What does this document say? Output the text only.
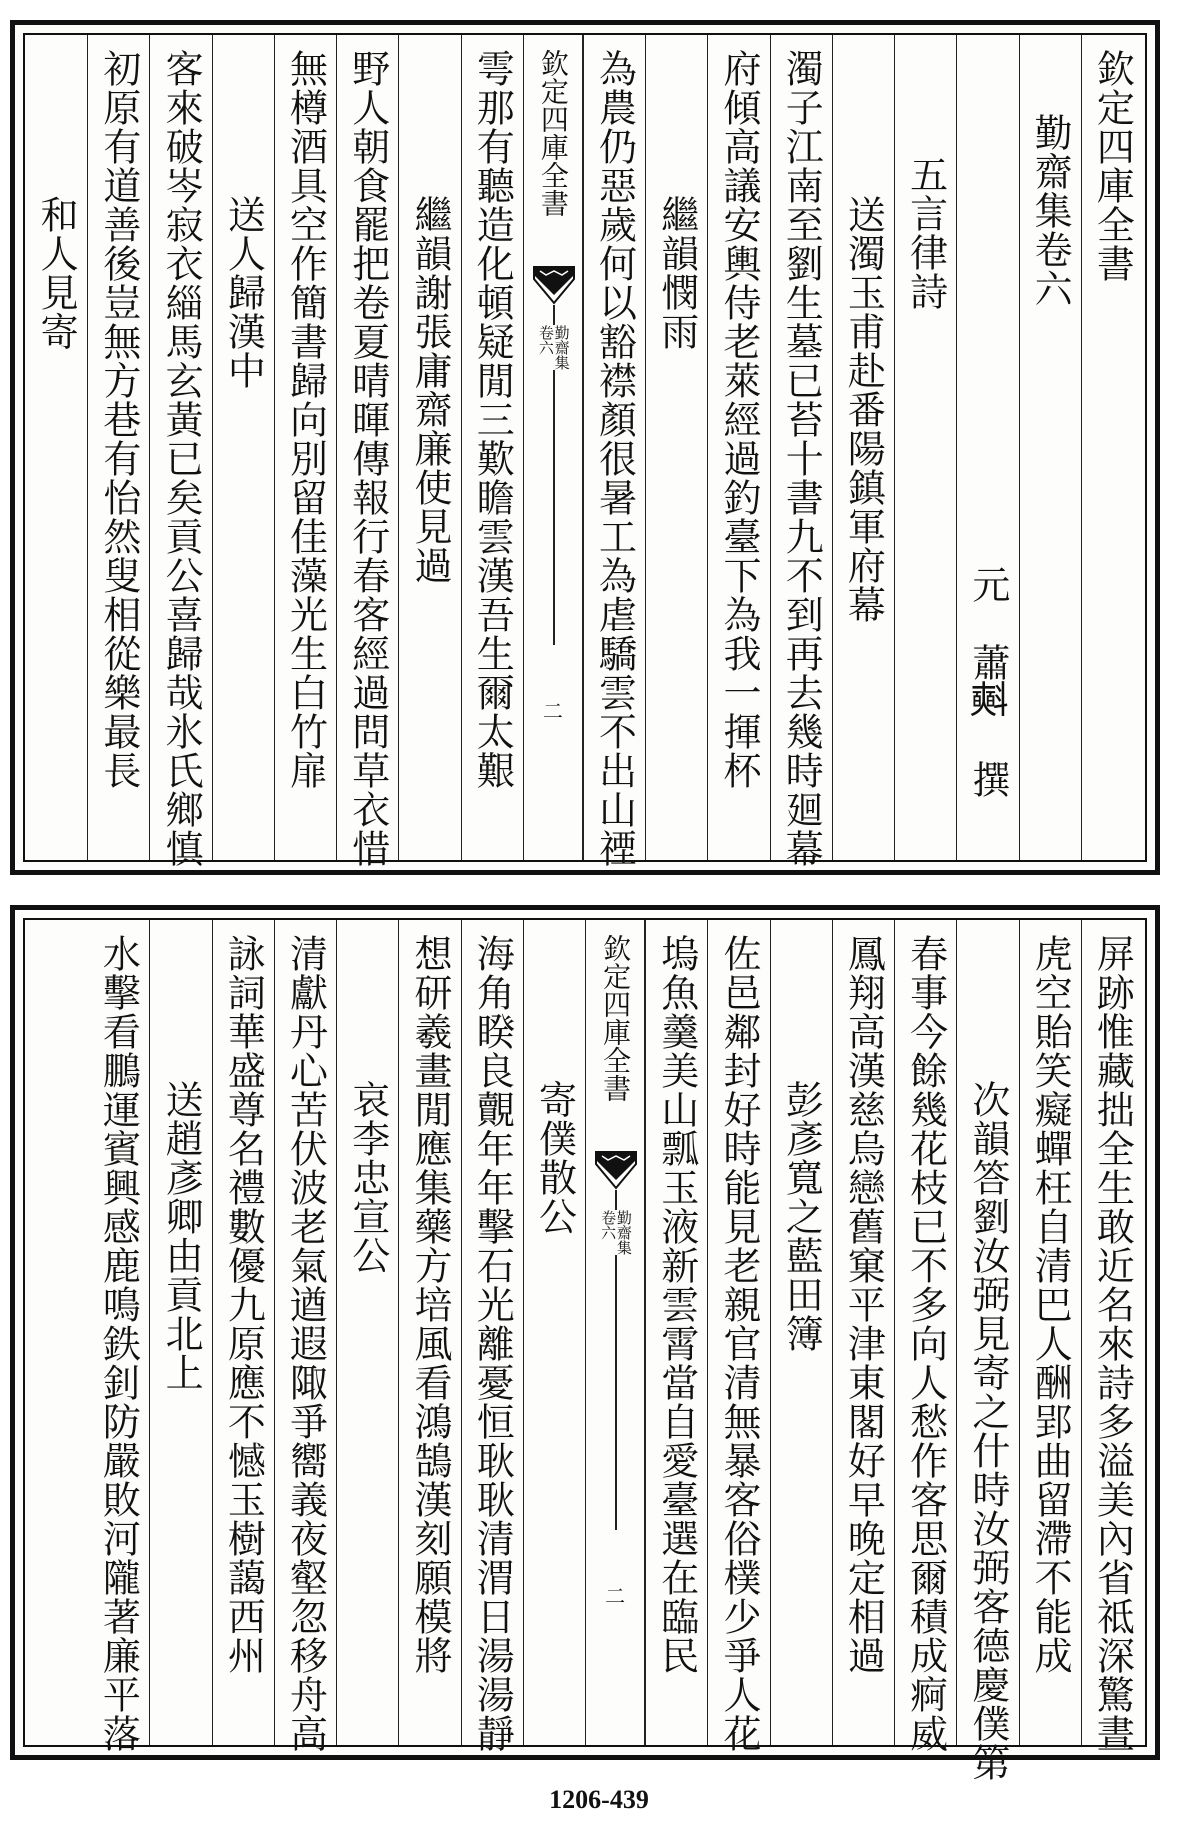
欽定四庫全書
勤齋集卷六
元　蕭𣂏　撰
五言律詩
送濁玉甫赴番陽鎮軍府幕
濁子江南至劉生墓已苔十書九不到再去幾時廻幕
府傾高議安輿侍老萊經過釣臺下為我一揮杯
繼韻憫雨
為農仍惡歲何以豁襟顏很暑工為虐驕雲不出山禋
欽定四庫全書
勤齋集
卷六
二
雩那有聽造化頓疑閒三歎瞻雲漢吾生爾太艱
繼韻謝張庸齋廉使見過
野人朝食罷把卷夏晴暉傳報行春客經過問草衣惜
無樽酒具空作簡書歸向別留佳藻光生白竹扉
送人歸漢中
客來破岑寂衣緇馬玄黃已矣貢公喜歸哉氷氏鄉慎
初原有道善後豈無方巷有怡然叟相從樂最長
和人見寄
屏跡惟藏拙全生敢近名來詩多溢美內省祗深驚晝
虎空貽笑癡蟬枉自清巴人酬郢曲留滯不能成
次韻答劉汝弼見寄之什時汝弼客德慶僕第
春事今餘幾花枝已不多向人愁作客思爾積成痾威
鳳翔高漢慈烏戀舊窠平津東閣好早晚定相過
彭彥寬之藍田簿
佐邑鄰封好時能見老親官清無暴客俗樸少爭人花
塢魚羹美山瓢玉液新雲霄當自愛臺選在臨民
欽定四庫全書
勤齋集
卷六
二
寄僕散公
海角睽良覿年年擊石光離憂恒耿耿清渭日湯湯靜
想研羲畫閒應集藥方培風看鴻鵠漢刻願模將
哀李忠宣公
清獻丹心苦伏波老氣遒遐陬爭嚮義夜壑忽移舟高
詠詞華盛尊名禮數優九原應不憾玉樹藹西州
送趙彥卿由貢北上
水擊看鵬運賓興感鹿鳴鉄釗防嚴敗河隴著廉平落
1206-439
